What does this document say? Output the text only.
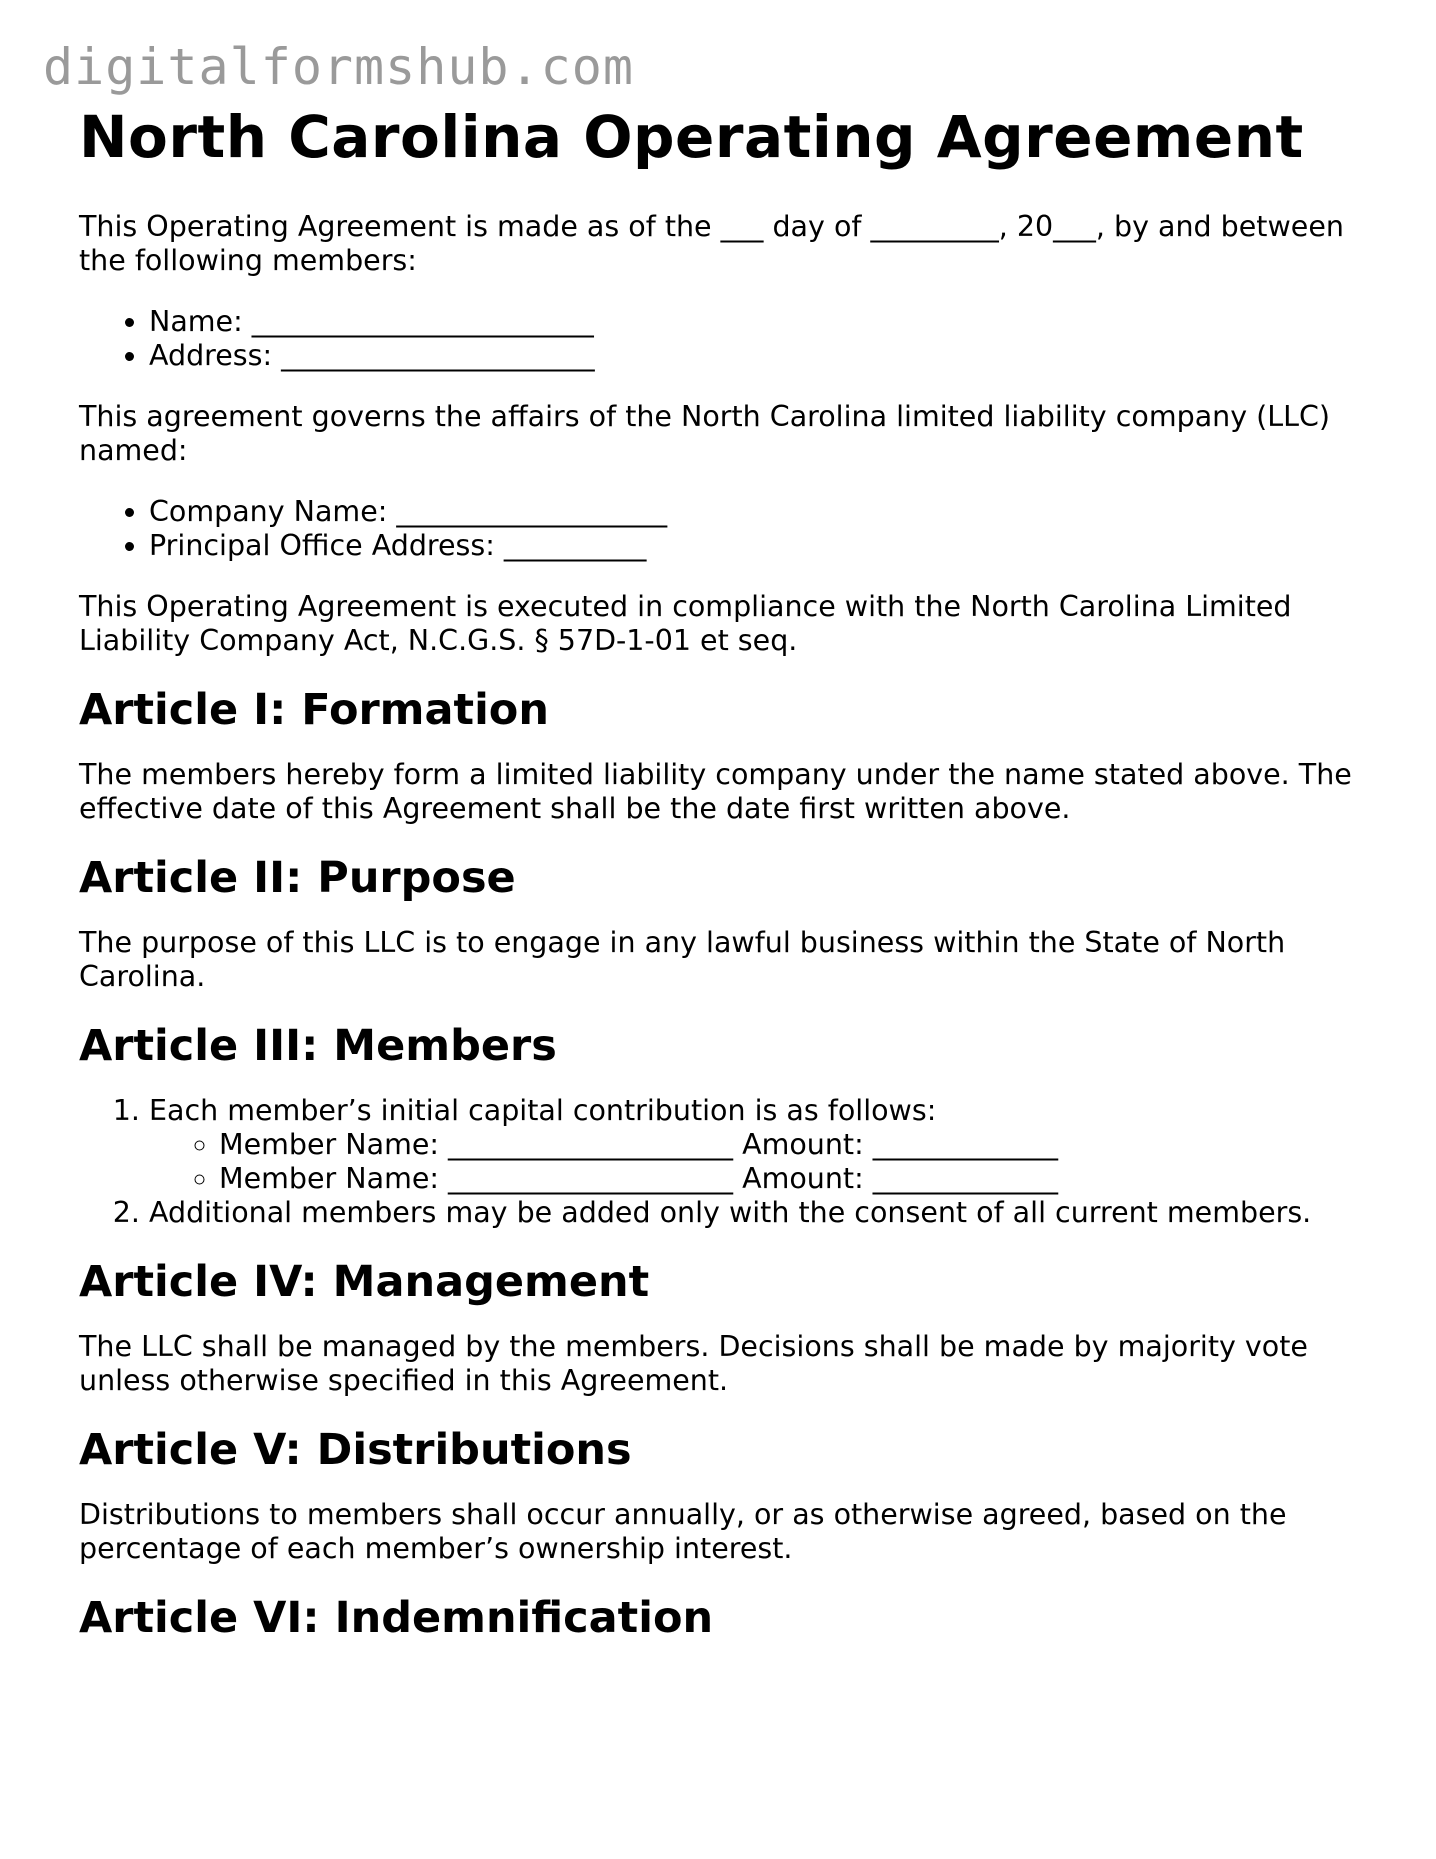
digitalformshub.com
North Carolina Operating Agreement

This Operating Agreement is made as of the ___ day of _________, 20___, by and between the following members:

• Name: ________________________
• Address: ______________________

This agreement governs the affairs of the North Carolina limited liability company (LLC) named:

• Company Name: ___________________
• Principal Office Address: __________

This Operating Agreement is executed in compliance with the North Carolina Limited Liability Company Act, N.C.G.S. § 57D-1-01 et seq.

Article I: Formation

The members hereby form a limited liability company under the name stated above. The effective date of this Agreement shall be the date first written above.

Article II: Purpose

The purpose of this LLC is to engage in any lawful business within the State of North Carolina.

Article III: Members
1. Each member’s initial capital contribution is as follows:
◦ Member Name: ____________________ Amount: _____________
◦ Member Name: ____________________ Amount: _____________
2. Additional members may be added only with the consent of all current members.
Article IV: Management

The LLC shall be managed by the members. Decisions shall be made by majority vote unless otherwise specified in this Agreement.

Article V: Distributions

Distributions to members shall occur annually, or as otherwise agreed, based on the percentage of each member’s ownership interest.

Article VI: Indemnification
